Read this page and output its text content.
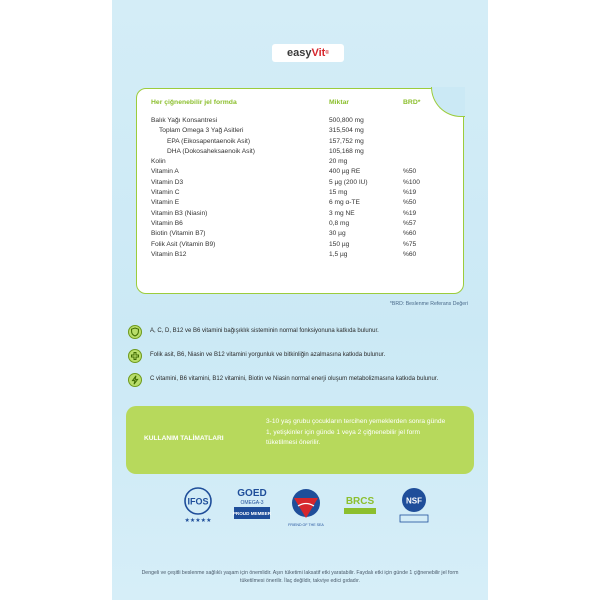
easyVit®
Her çiğnenebilir jel formda	Miktar	BRD*
Balık Yağı Konsantresi	500,800 mg
Toplam Omega 3 Yağ Asitleri	315,504 mg
EPA (Eikosapentaenoik Asit)	157,752 mg
DHA (Dokosaheksaenoik Asit)	105,168 mg
Kolin	20 mg
Vitamin A	400 µg RE	%50
Vitamin D3	5 µg (200 IU)	%100
Vitamin C	15 mg	%19
Vitamin E	6 mg α-TE	%50
Vitamin B3 (Niasin)	3 mg NE	%19
Vitamin B6	0,8 mg	%57
Biotin (Vitamin B7)	30 µg	%60
Folik Asit (Vitamin B9)	150 µg	%75
Vitamin B12	1,5 µg	%60
*BRD: Beslenme Referans Değeri
A, C, D, B12 ve B6 vitamini bağışıklık sisteminin normal fonksiyonuna katkıda bulunur.
Folik asit, B6, Niasin ve B12 vitamini yorgunluk ve bitkinliğin azalmasına katkıda bulunur.
C vitamini, B6 vitamini, B12 vitamini, Biotin ve Niasin normal enerji oluşum metabolizmasına katkıda bulunur.
KULLANIM TALİMATLARI
3-10 yaş grubu çocukların tercihen yemeklerden sonra günde 1, yetişkinler için günde 1 veya 2 çiğnenebilir jel form tüketilmesi önerilir.
IFOS
★★★★★
GOED
OMEGA-3
PROUD MEMBER
FRIEND OF THE SEA
BRCS	NSF
Dengeli ve çeşitli beslenme sağlıklı yaşam için önemlidir. Aşırı tüketimi laksatif etki yaratabilir. Faydalı etki için günde 1 çiğnenebilir jel form tüketilmesi önerilir. İlaç değildir, takviye edici gıdadır.
